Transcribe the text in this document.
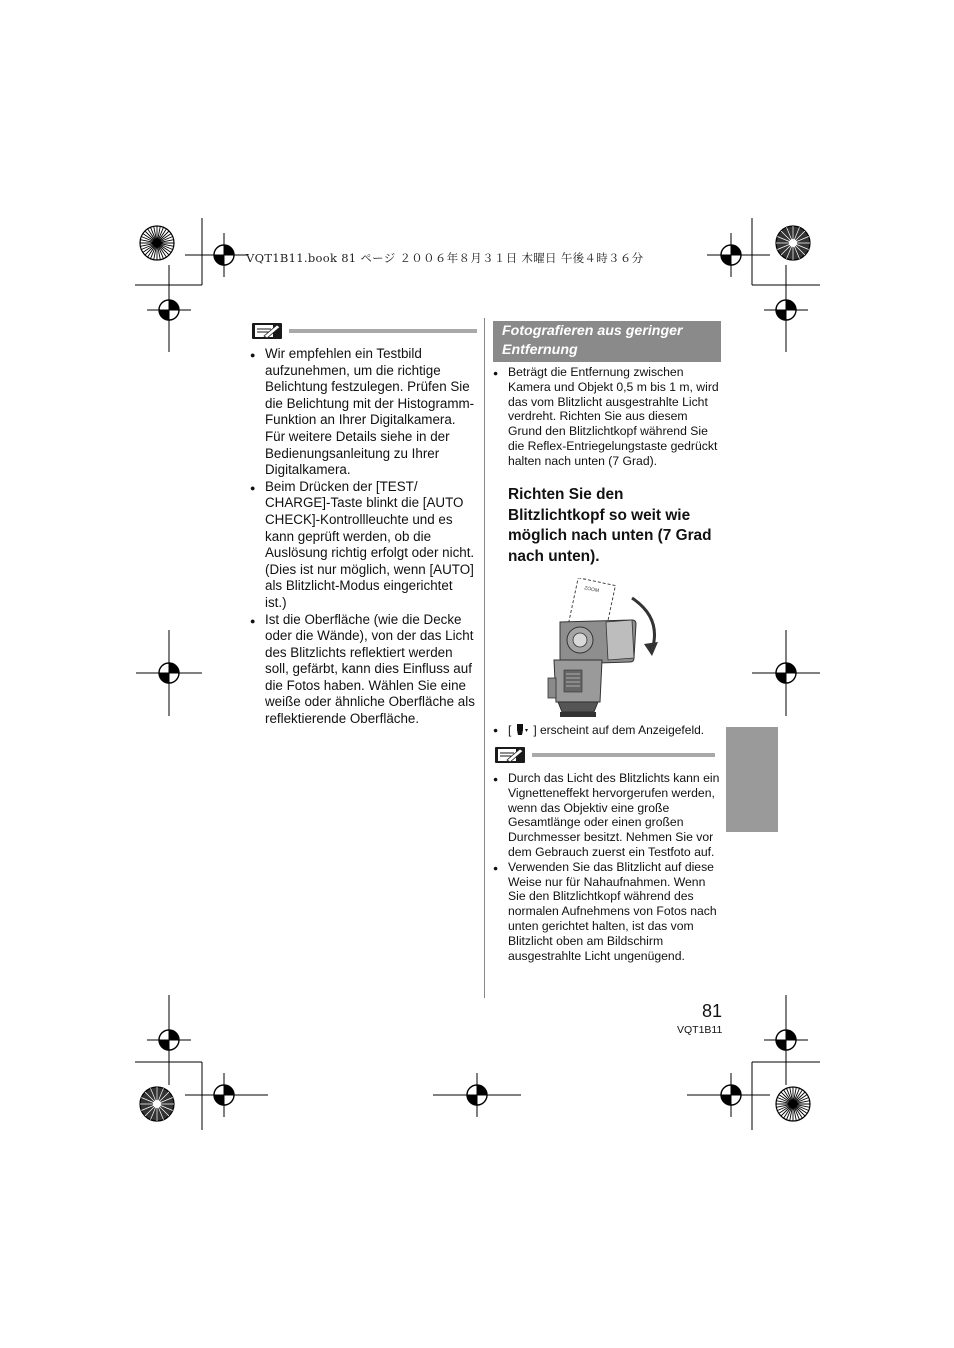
VQT1B11.book 81 ページ ２００６年８月３１日 木曜日 午後４時３６分
● Wir empfehlen ein Testbild aufzunehmen, um die richtige Belichtung festzulegen. Prüfen Sie die Belichtung mit der Histogramm-Funktion an Ihrer Digitalkamera. Für weitere Details siehe in der Bedienungsanleitung zu Ihrer Digitalkamera.
● Beim Drücken der [TEST/ CHARGE]-Taste blinkt die [AUTO CHECK]-Kontrollleuchte und es kann geprüft werden, ob die Auslösung richtig erfolgt oder nicht. (Dies ist nur möglich, wenn [AUTO] als Blitzlicht-Modus eingerichtet ist.)
● Ist die Oberfläche (wie die Decke oder die Wände), von der das Licht des Blitzlichts reflektiert werden soll, gefärbt, kann dies Einfluss auf die Fotos haben. Wählen Sie eine weiße oder ähnliche Oberfläche als reflektierende Oberfläche.
Fotografieren aus geringer Entfernung
● Beträgt die Entfernung zwischen Kamera und Objekt 0,5 m bis 1 m, wird das vom Blitzlicht ausgestrahlte Licht verdreht. Richten Sie aus diesem Grund den Blitzlichtkopf während Sie die Reflex-Entriegelungstaste gedrückt halten nach unten (7 Grad).
Richten Sie den Blitzlichtkopf so weit wie möglich nach unten (7 Grad nach unten).
ZOOM
● [ ] erscheint auf dem Anzeigefeld.
● Durch das Licht des Blitzlichts kann ein Vignetteneffekt hervorgerufen werden, wenn das Objektiv eine große Gesamtlänge oder einen großen Durchmesser besitzt. Nehmen Sie vor dem Gebrauch zuerst ein Testfoto auf.
● Verwenden Sie das Blitzlicht auf diese Weise nur für Nahaufnahmen. Wenn Sie den Blitzlichtkopf während des normalen Aufnehmens von Fotos nach unten gerichtet halten, ist das vom Blitzlicht oben am Bildschirm ausgestrahlte Licht ungenügend.
81
VQT1B11
